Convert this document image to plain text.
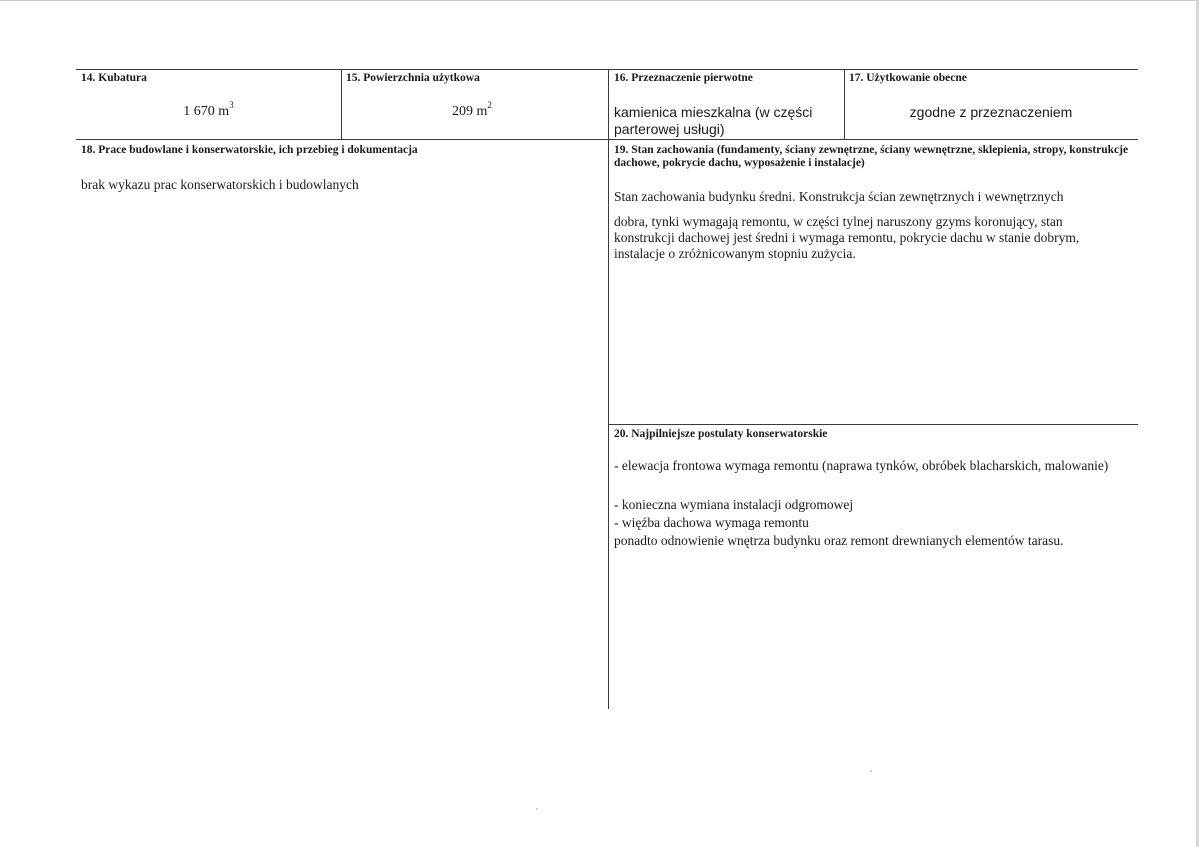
14. Kubatura
1 670 $m^3$
15. Powierzchnia użytkowa
209 $m^2$
16. Przeznaczenie pierwotne
kamienica mieszkalna (w części parterowej usługi)
17. Użytkowanie obecne
zgodne z przeznaczeniem
18. Prace budowlane i konserwatorskie, ich przebieg i dokumentacja
brak wykazu prac konserwatorskich i budowlanych
19. Stan zachowania (fundamenty, ściany zewnętrzne, ściany wewnętrzne, sklepienia, stropy, konstrukcje dachowe, pokrycie dachu, wyposażenie i instalacje)
Stan zachowania budynku średni. Konstrukcja ścian zewnętrznych i wewnętrznych
dobra, tynki wymagają remontu, w części tylnej naruszony gzyms koronujący, stan konstrukcji dachowej jest średni i wymaga remontu, pokrycie dachu w stanie dobrym, instalacje o zróżnicowanym stopniu zużycia.
20. Najpilniejsze postulaty konserwatorskie
- elewacja frontowa wymaga remontu (naprawa tynków, obróbek blacharskich, malowanie)
- konieczna wymiana instalacji odgromowej
- więźba dachowa wymaga remontu
ponadto odnowienie wnętrza budynku oraz remont drewnianych elementów tarasu.
